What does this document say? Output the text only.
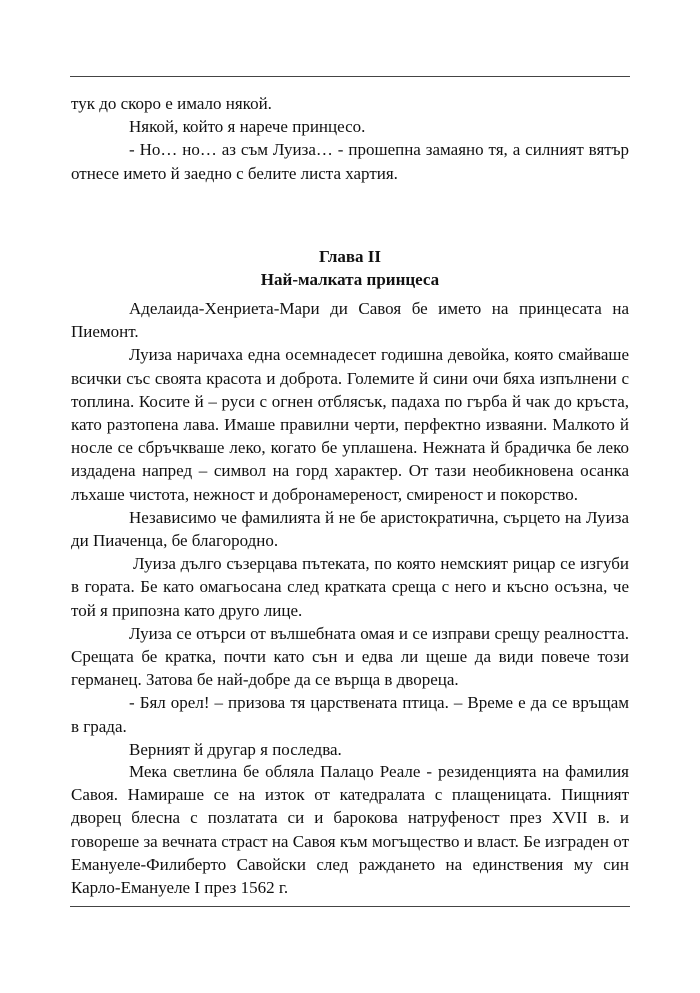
тук до скоро е имало някой.

Някой, който я нарече принцесо.

- Но… но… аз съм Луиза… - прошепна замаяно тя, а силният вятър отнесе името й заедно с белите листа хартия.

Глава II
Най-малката принцеса

Аделаида-Хенриета-Мари ди Савоя бе името на принцесата на Пиемонт.

Луиза наричаха една осемнадесет годишна девойка, която смайваше всички със своята красота и доброта. Големите й сини очи бяха изпълнени с топлина. Косите й – руси с огнен отблясък, падаха по гърба й чак до кръста, като разтопена лава. Имаше правилни черти, перфектно изваяни. Малкото й носле се сбръчкваше леко, когато бе уплашена. Нежната й брадичка бе леко издадена напред – символ на горд характер. От тази необикновена осанка лъхаше чистота, нежност и добронамереност, смиреност и покорство.

Независимо че фамилията й не бе аристократична, сърцето на Луиза ди Пиаченца, бе благородно.

Луиза дълго съзерцава пътеката, по която немският рицар се изгуби в гората. Бе като омагьосана след кратката среща с него и късно осъзна, че той я припозна като друго лице.

Луиза се отърси от вълшебната омая и се изправи срещу реалността. Срещата бе кратка, почти като сън и едва ли щеше да види повече този германец. Затова бе най-добре да се върща в двореца.

- Бял орел! – призова тя царствената птица. – Време е да се връщам в града.

Верният й другар я последва.

Мека светлина бе обляла Палацо Реале - резиденцията на фамилия Савоя. Намираше се на изток от катедралата с плащеницата. Пищният дворец блесна с позлатата си и барокова натруфеност през XVII в. и говореше за вечната страст на Савоя към могъщество и власт. Бе изграден от Емануеле-Филиберто Савойски след раждането на единствения му син Карло-Емануеле I през 1562 г.
